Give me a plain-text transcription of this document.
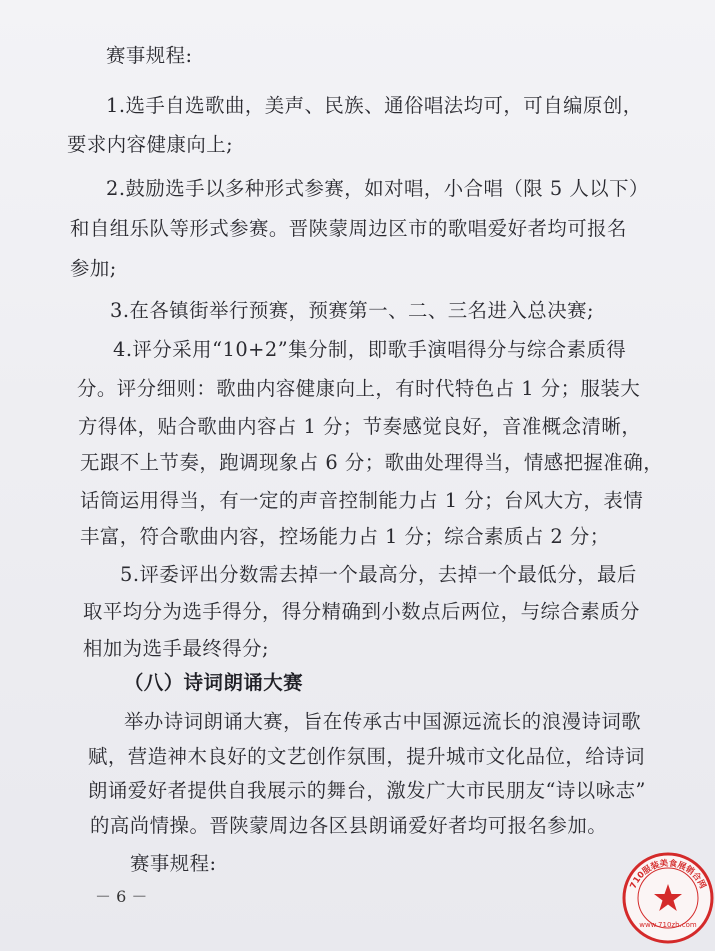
赛事规程:
1.选手自选歌曲，美声、民族、通俗唱法均可，可自编原创，
要求内容健康向上;
2.鼓励选手以多种形式参赛，如对唱，小合唱（限 5 人以下）
和自组乐队等形式参赛。晋陕蒙周边区市的歌唱爱好者均可报名
参加;
3.在各镇街举行预赛，预赛第一、二、三名进入总决赛;
4.评分采用“10+2”集分制，即歌手演唱得分与综合素质得
分。评分细则：歌曲内容健康向上，有时代特色占 1 分；服装大
方得体，贴合歌曲内容占 1 分；节奏感觉良好，音准概念清晰，
无跟不上节奏，跑调现象占 6 分；歌曲处理得当，情感把握准确，
话筒运用得当，有一定的声音控制能力占 1 分；台风大方，表情
丰富，符合歌曲内容，控场能力占 1 分；综合素质占 2 分；
5.评委评出分数需去掉一个最高分，去掉一个最低分，最后
取平均分为选手得分，得分精确到小数点后两位，与综合素质分
相加为选手最终得分;
（八）诗词朗诵大赛
举办诗词朗诵大赛，旨在传承古中国源远流长的浪漫诗词歌
赋，营造神木良好的文艺创作氛围，提升城市文化品位，给诗词
朗诵爱好者提供自我展示的舞台，激发广大市民朋友“诗以咏志”
的高尚情操。晋陕蒙周边各区县朗诵爱好者均可报名参加。
赛事规程:
－ 6 －
710服装美食展销合网
www.710zh.com
